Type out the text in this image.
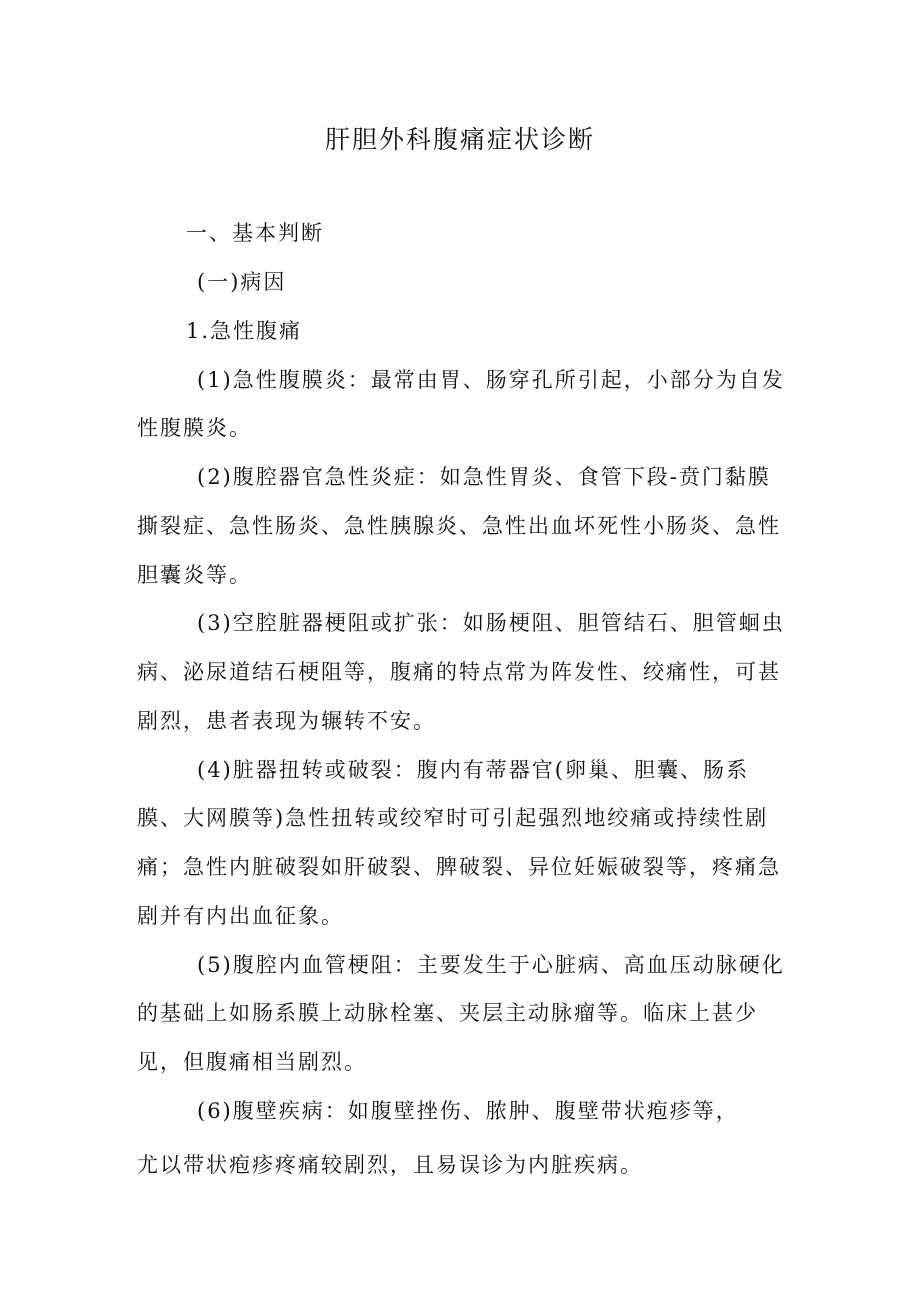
肝胆外科腹痛症状诊断
一、基本判断
(一)病因
1.急性腹痛
(1)急性腹膜炎：最常由胃、肠穿孔所引起，小部分为自发
性腹膜炎。
(2)腹腔器官急性炎症：如急性胃炎、食管下段-贲门黏膜
撕裂症、急性肠炎、急性胰腺炎、急性出血坏死性小肠炎、急性
胆囊炎等。
(3)空腔脏器梗阻或扩张：如肠梗阻、胆管结石、胆管蛔虫
病、泌尿道结石梗阻等，腹痛的特点常为阵发性、绞痛性，可甚
剧烈，患者表现为辗转不安。
(4)脏器扭转或破裂：腹内有蒂器官(卵巢、胆囊、肠系
膜、大网膜等)急性扭转或绞窄时可引起强烈地绞痛或持续性剧
痛；急性内脏破裂如肝破裂、脾破裂、异位妊娠破裂等，疼痛急
剧并有内出血征象。
(5)腹腔内血管梗阻：主要发生于心脏病、高血压动脉硬化
的基础上如肠系膜上动脉栓塞、夹层主动脉瘤等。临床上甚少
见，但腹痛相当剧烈。
(6)腹壁疾病：如腹壁挫伤、脓肿、腹壁带状疱疹等，
尤以带状疱疹疼痛较剧烈，且易误诊为内脏疾病。
